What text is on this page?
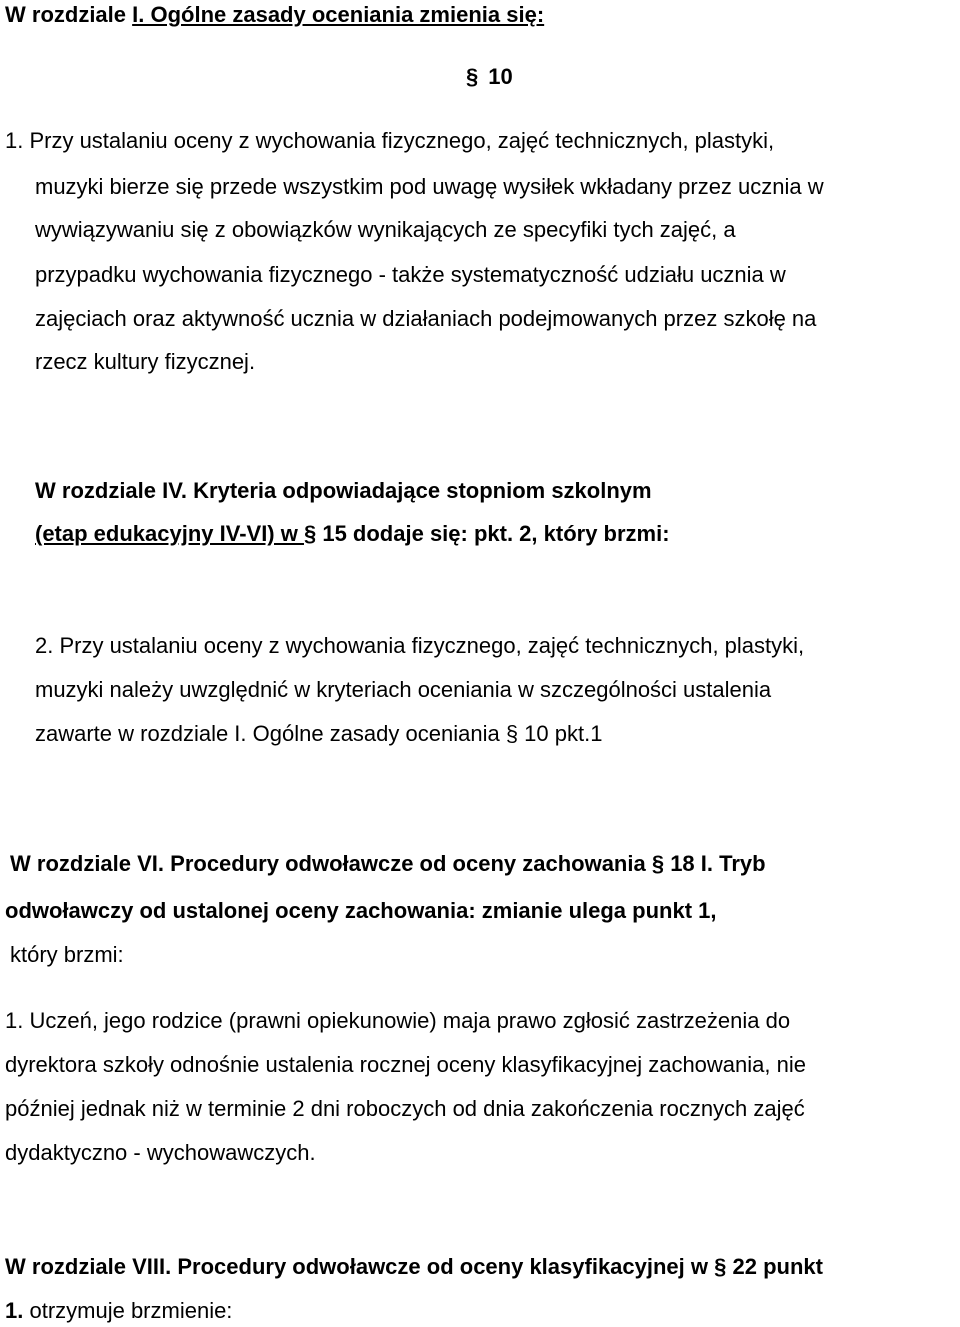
W rozdziale I. Ogólne zasady oceniania zmienia się:
§ 10
1. Przy ustalaniu oceny z wychowania fizycznego, zajęć technicznych, plastyki,
muzyki bierze się przede wszystkim pod uwagę wysiłek wkładany przez ucznia w
wywiązywaniu się z obowiązków wynikających ze specyfiki tych zajęć, a
przypadku wychowania fizycznego - także systematyczność udziału ucznia w
zajęciach oraz aktywność ucznia w działaniach podejmowanych przez szkołę na
rzecz kultury fizycznej.
W rozdziale IV. Kryteria odpowiadające stopniom szkolnym
(etap edukacyjny IV-VI) w § 15 dodaje się: pkt. 2, który brzmi:
2. Przy ustalaniu oceny z wychowania fizycznego, zajęć technicznych, plastyki,
muzyki należy uwzględnić w kryteriach oceniania w szczególności ustalenia
zawarte w rozdziale I. Ogólne zasady oceniania § 10 pkt.1
W rozdziale VI. Procedury odwoławcze od oceny zachowania § 18 I. Tryb
odwoławczy od ustalonej oceny zachowania: zmianie ulega punkt 1,
który brzmi:
1. Uczeń, jego rodzice (prawni opiekunowie) maja prawo zgłosić zastrzeżenia do
dyrektora szkoły odnośnie ustalenia rocznej oceny klasyfikacyjnej zachowania, nie
później jednak niż w terminie 2 dni roboczych od dnia zakończenia rocznych zajęć
dydaktyczno - wychowawczych.
W rozdziale VIII. Procedury odwoławcze od oceny klasyfikacyjnej w § 22 punkt
1. otrzymuje brzmienie:
